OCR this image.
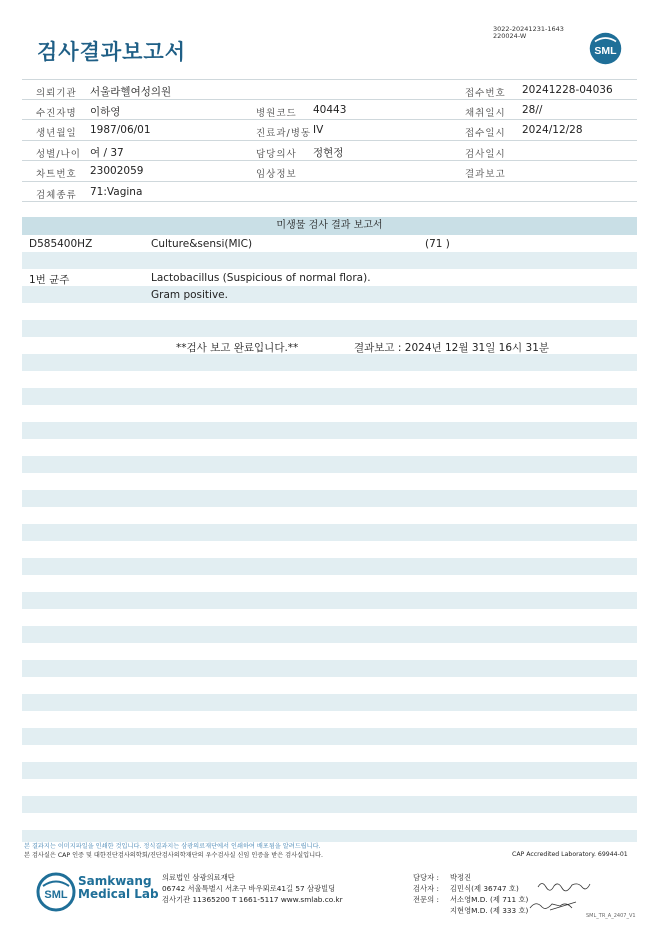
검사결과보고서
3022-20241231-1643
220024-W
SML
의뢰기관 서울라헬여성의원	접수번호 20241228-04036
수진자명 이하영	병원코드 40443	채취일시 28//
생년월일 1987/06/01	진료과/병동 IV	접수일시 2024/12/28
성별/나이 여 / 37	담당의사 정현정	검사일시
차트번호 23002059	임상정보	결과보고
검체종류 71:Vagina
미생물 검사 결과 보고서
D585400HZ	Culture&sensi(MIC)	(71 )
1번 균주	Lactobacillus (Suspicious of normal flora).
Gram positive.
**검사 보고 완료입니다.**	결과보고 : 2024년 12월 31일 16시 31분
본 결과지는 이미지파일을 인쇄한 것입니다. 정식결과지는 삼광의료재단에서 인쇄하여 배포됨을 알려드립니다.
본 검사실은 CAP 인증 및 대한진단검사의학회/진단검사의학재단의 우수검사실 신임 인증을 받은 검사실입니다.	CAP Accredited Laboratory. 69944-01
SML
Samkwang
Medical Lab
의료법인 삼광의료재단
06742 서울특별시 서초구 바우뫼로41길 57 삼광빌딩
검사기관 11365200 T 1661-5117 www.smlab.co.kr
담당자 : 박정진
검사자 : 김민식(제 36747 호)
전문의 : 서소영M.D. (제 711 호)
지현영M.D. (제 333 호)
SML_TR_A_2407_V1
